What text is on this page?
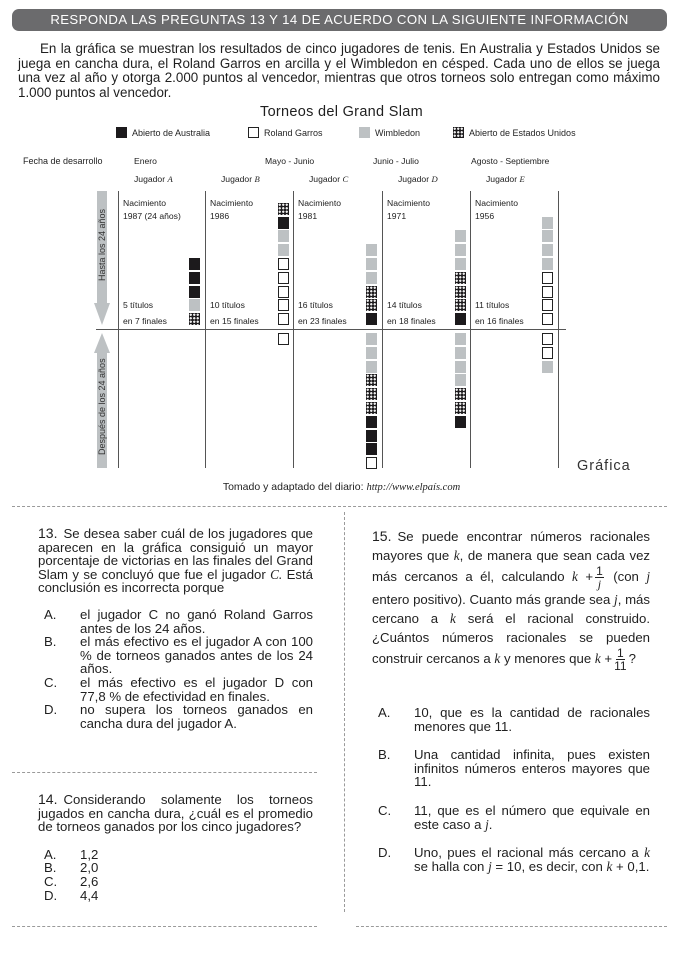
RESPONDA LAS PREGUNTAS 13 Y 14 DE ACUERDO CON LA SIGUIENTE INFORMACIÓN

En la gráfica se muestran los resultados de cinco jugadores de tenis. En Australia y Estados Unidos se juega en cancha dura, el Roland Garros en arcilla y el Wimbledon en césped. Cada uno de ellos se juega una vez al año y otorga 2.000 puntos al vencedor, mientras que otros torneos solo entregan como máximo 1.000 puntos al vencedor.

Torneos del Grand Slam
Abierto de Australia	Roland Garros	Wimbledon	Abierto de Estados Unidos
Fecha de desarrollo	Enero	Mayo - Junio	Junio - Julio	Agosto - Septiembre
Jugador A
Nacimiento
1987 (24 años)
5 títulos
en 7 finales
Jugador B
Nacimiento
1986
10 títulos
en 15 finales
Jugador C
Nacimiento
1981
16 títulos
en 23 finales
Jugador D
Nacimiento
1971
14 títulos
en 18 finales
Jugador E
Nacimiento
1956
11 títulos
en 16 finales
Hasta los 24 años
Después de los 24 años
Gráfica
Tomado y adaptado del diario: http://www.elpaís.com
13. Se desea saber cuál de los jugadores que aparecen en la gráfica consiguió un mayor porcentaje de victorias en las finales del Grand Slam y se concluyó que fue el jugador C. Está conclusión es incorrecta porque
A.	el jugador C no ganó Roland Garros antes de los 24 años.
B.	el más efectivo es el jugador A con 100 % de torneos ganados antes de los 24 años.
C.	el más efectivo es el jugador D con 77,8 % de efectividad en finales.
D.	no supera los torneos ganados en cancha dura del jugador A.
14. Considerando solamente los torneos jugados en cancha dura, ¿cuál es el promedio de torneos ganados por los cinco jugadores?
A.	1,2
B.	2,0
C.	2,6
D.	4,4
15. Se puede encontrar números racionales mayores que k, de manera que sean cada vez más cercanos a él, calculando $k + \frac{1}{j} (con$ j entero positivo). Cuanto más grande sea j, más cercano a k será el racional construido. ¿Cuántos números racionales se pueden construir cercanos a k y menores que $k + \frac{1}{11}$ ?
A.	10, que es la cantidad de racionales menores que 11.
B.	Una cantidad infinita, pues existen infinitos números enteros mayores que 11.
C.	11, que es el número que equivale en este caso a j.
D.	Uno, pues el racional más cercano a k se halla con j = 10, es decir, con k + 0,1.
